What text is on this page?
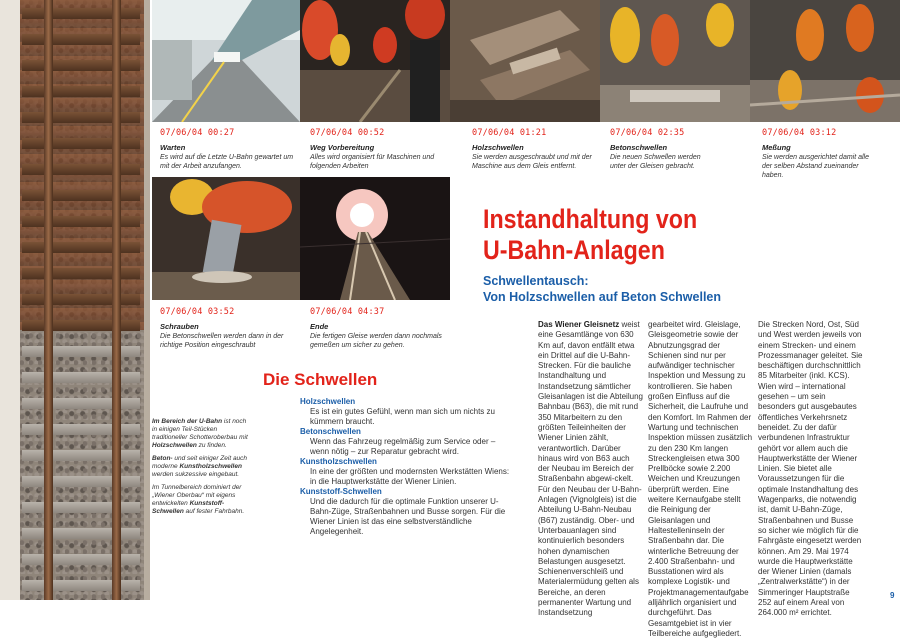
07/06/04 00:27
Warten
Es wird auf die Letzte U-Bahn gewartet um mit der Arbeit anzufangen.
07/06/04 00:52
Weg Vorbereitung
Alles wird organisiert für Maschinen und folgenden Arbeiten
07/06/04 01:21
Holzschwellen
Sie werden ausgeschraubt und mit der Maschine aus dem Gleis entfernt.
07/06/04 02:35
Betonschwellen
Die neuen Schwellen werden unter der Gleisen gebracht.
07/06/04 03:12
Meßung
Sie werden ausgerichtet damit alle der selben Abstand zueinander haben.
07/06/04 03:52
Schrauben
Die Betonschwellen werden dann in der richtige Position eingeschraubt
07/06/04 04:37
Ende
Die fertigen Gleise werden dann nochmals gemeßen um sicher zu gehen.
Instandhaltung von
U-Bahn-Anlagen
Schwellentausch:
Von Holzschwellen auf Beton Schwellen
Das Wiener Gleisnetz weist eine Gesamtlänge von 630 Km auf, davon entfällt etwa ein Drittel auf die U-Bahn-Strecken. Für die bauliche Instandhaltung und Instandsetzung sämtlicher Gleisanlagen ist die Abteilung Bahnbau (B63), die mit rund 350 Mitarbeitern zu den größten Teileinheiten der Wiener Linien zählt, verantwortlich. Darüber hinaus wird von B63 auch der Neubau im Bereich der Straßenbahn abgewi-ckelt. Für den Neubau der U-Bahn-Anlagen (Vignolgleis) ist die Abteilung U-Bahn-Neubau (B67) zuständig. Ober- und Unterbauanlagen sind kontinuierlich besonders hohen dynamischen Belastungen ausgesetzt. Schienenverschleiß und Materialermüdung gelten als Bereiche, an deren permanenter Wartung und Instandsetzung
gearbeitet wird. Gleislage, Gleisgeometrie sowie der Abnutzungsgrad der Schienen sind nur per aufwändiger technischer Inspektion und Messung zu kontrollieren. Sie haben großen Einfluss auf die Sicherheit, die Laufruhe und den Komfort. Im Rahmen der Wartung und technischen Inspektion müssen zusätzlich zu den 230 Km langen Streckengleisen etwa 300 Prellböcke sowie 2.200 Weichen und Kreuzungen überprüft werden. Eine weitere Kernaufgabe stellt die Reinigung der Gleisanlagen und Haltestelleninseln der Straßenbahn dar. Die winterliche Betreuung der 2.400 Straßenbahn- und Busstationen wird als komplexe Logistik- und Projektmanagementaufgabe alljährlich organisiert und durchgeführt. Das Gesamtgebiet ist in vier Teilbereiche aufgegliedert.
Die Strecken Nord, Ost, Süd und West werden jeweils von einem Strecken- und einem Prozessmanager geleitet. Sie beschäftigen durchschnittlich 85 Mitarbeiter (inkl. KCS). Wien wird – international gesehen – um sein besonders gut ausgebautes öffentliches Verkehrsnetz beneidet. Zu der dafür verbundenen Infrastruktur gehört vor allem auch die Hauptwerkstätte der Wiener Linien. Sie bietet alle Voraussetzungen für die optimale Instandhaltung des Wagenparks, die notwendig ist, damit U-Bahn-Züge, Straßenbahnen und Busse so sicher wie möglich für die Fahrgäste eingesetzt werden können. Am 29. Mai 1974 wurde die Hauptwerkstätte der Wiener Linien (damals „Zentralwerkstätte“) in der Simmeringer Hauptstraße 252 auf einem Areal von 264.000 m² errichtet.
Die Schwellen

Im Bereich der U-Bahn ist noch in einigen Teil-Stücken traditioneller Schotteroberbau mit Holzschwellen zu finden.

Beton- und seit einiger Zeit auch moderne Kunstholzschwellen werden sukzessive eingebaut.

Im Tunnelbereich dominiert der „Wiener Oberbau“ mit eigens entwickelten Kunststoff-Schwellen auf fester Fahrbahn.

Holzschwellen
Es ist ein gutes Gefühl, wenn man sich um nichts zu kümmern braucht.
Betonschwellen
Wenn das Fahrzeug regelmäßig zum Service oder – wenn nötig – zur Reparatur gebracht wird.
Kunstholzschwellen
In eine der größten und modernsten Werkstätten Wiens: in die Hauptwerkstätte der Wiener Linien.
Kunststoff-Schwellen
Und die dadurch für die optimale Funktion unserer U-Bahn-Züge, Straßenbahnen und Busse sorgen. Für die Wiener Linien ist das eine selbstverständliche Angelegenheit.
9
